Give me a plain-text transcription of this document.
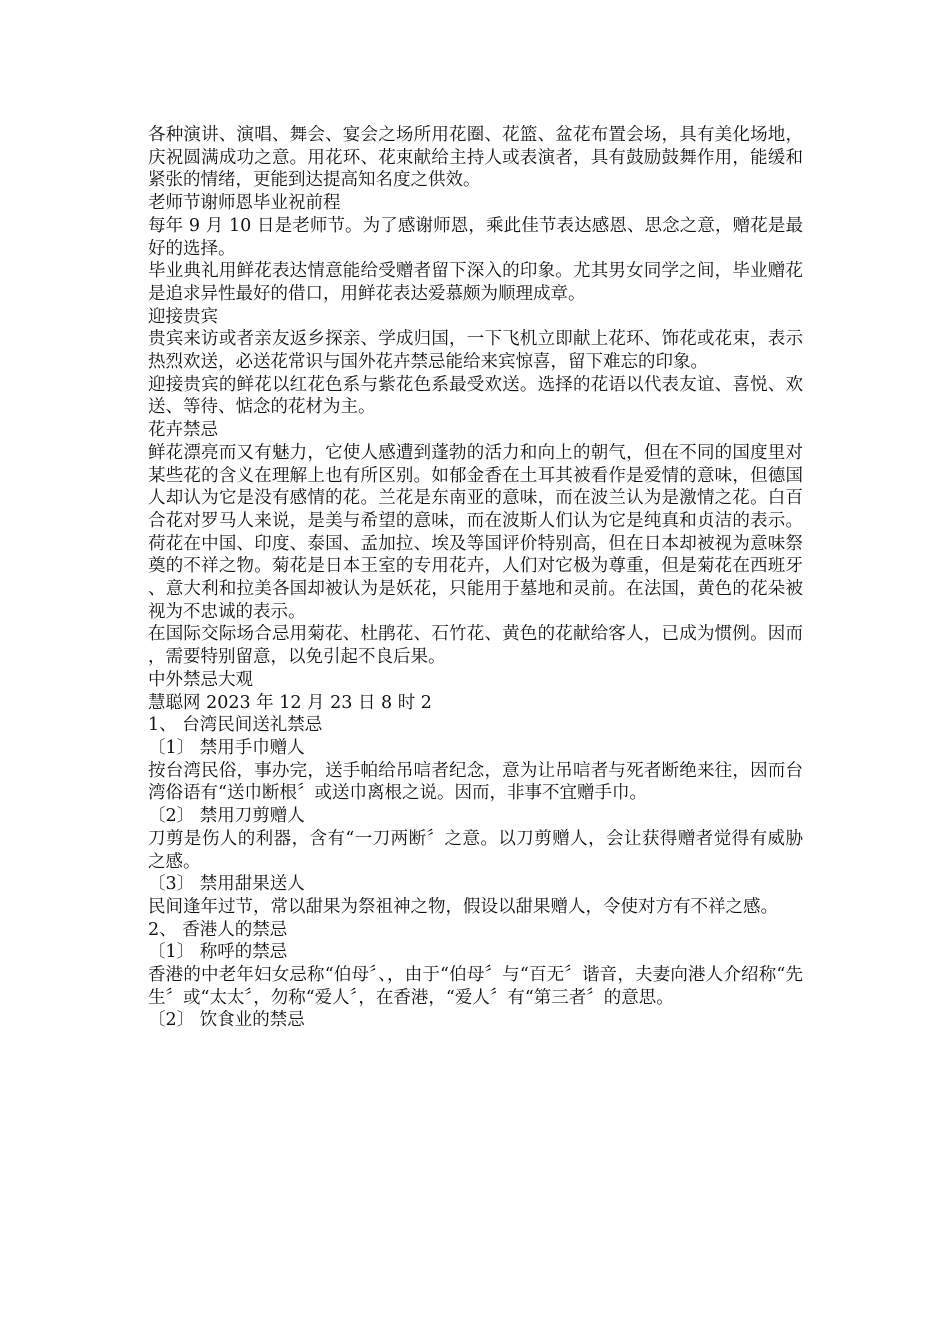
各种演讲、演唱、舞会、宴会之场所用花圈、花篮、盆花布置会场，具有美化场地，庆祝圆满成功之意。用花环、花束献给主持人或表演者，具有鼓励鼓舞作用，能缓和紧张的情绪，更能到达提高知名度之供效。

老师节谢师恩毕业祝前程

每年 9 月 10 日是老师节。为了感谢师恩，乘此佳节表达感恩、思念之意，赠花是最好的选择。

毕业典礼用鲜花表达情意能给受赠者留下深入的印象。尤其男女同学之间，毕业赠花是追求异性最好的借口，用鲜花表达爱慕颇为顺理成章。

迎接贵宾

贵宾来访或者亲友返乡探亲、学成归国，一下飞机立即献上花环、饰花或花束，表示热烈欢送，必送花常识与国外花卉禁忌能给来宾惊喜，留下难忘的印象。

迎接贵宾的鲜花以红花色系与紫花色系最受欢送。选择的花语以代表友谊、喜悦、欢送、等待、惦念的花材为主。

花卉禁忌

鲜花漂亮而又有魅力，它使人感遭到蓬勃的活力和向上的朝气，但在不同的国度里对某些花的含义在理解上也有所区别。如郁金香在土耳其被看作是爱情的意味，但德国人却认为它是没有感情的花。兰花是东南亚的意味，而在波兰认为是激情之花。白百合花对罗马人来说，是美与希望的意味，而在波斯人们认为它是纯真和贞洁的表示。荷花在中国、印度、泰国、孟加拉、埃及等国评价特别高，但在日本却被视为意味祭奠的不祥之物。菊花是日本王室的专用花卉，人们对它极为尊重，但是菊花在西班牙、意大利和拉美各国却被认为是妖花，只能用于墓地和灵前。在法国，黄色的花朵被视为不忠诚的表示。

在国际交际场合忌用菊花、杜鹃花、石竹花、黄色的花献给客人，已成为惯例。因而，需要特别留意，以免引起不良后果。

中外禁忌大观

慧聪网 2023 年 12 月 23 日 8 时 2

1、 台湾民间送礼禁忌

〔1〕 禁用手巾赠人

按台湾民俗，事办完，送手帕给吊唁者纪念，意为让吊唁者与死者断绝来往，因而台湾俗语有“送巾断根〞或送巾离根之说。因而，非事不宜赠手巾。

〔2〕 禁用刀剪赠人

刀剪是伤人的利器，含有“一刀两断〞之意。以刀剪赠人，会让获得赠者觉得有威胁之感。

〔3〕 禁用甜果送人

民间逢年过节，常以甜果为祭祖神之物，假设以甜果赠人，令使对方有不祥之感。

2、 香港人的禁忌

〔1〕 称呼的禁忌

香港的中老年妇女忌称“伯母〞、，由于“伯母〞与“百无〞谐音，夫妻向港人介绍称“先生〞或“太太〞，勿称“爱人〞，在香港，“爱人〞有“第三者〞的意思。

〔2〕 饮食业的禁忌
